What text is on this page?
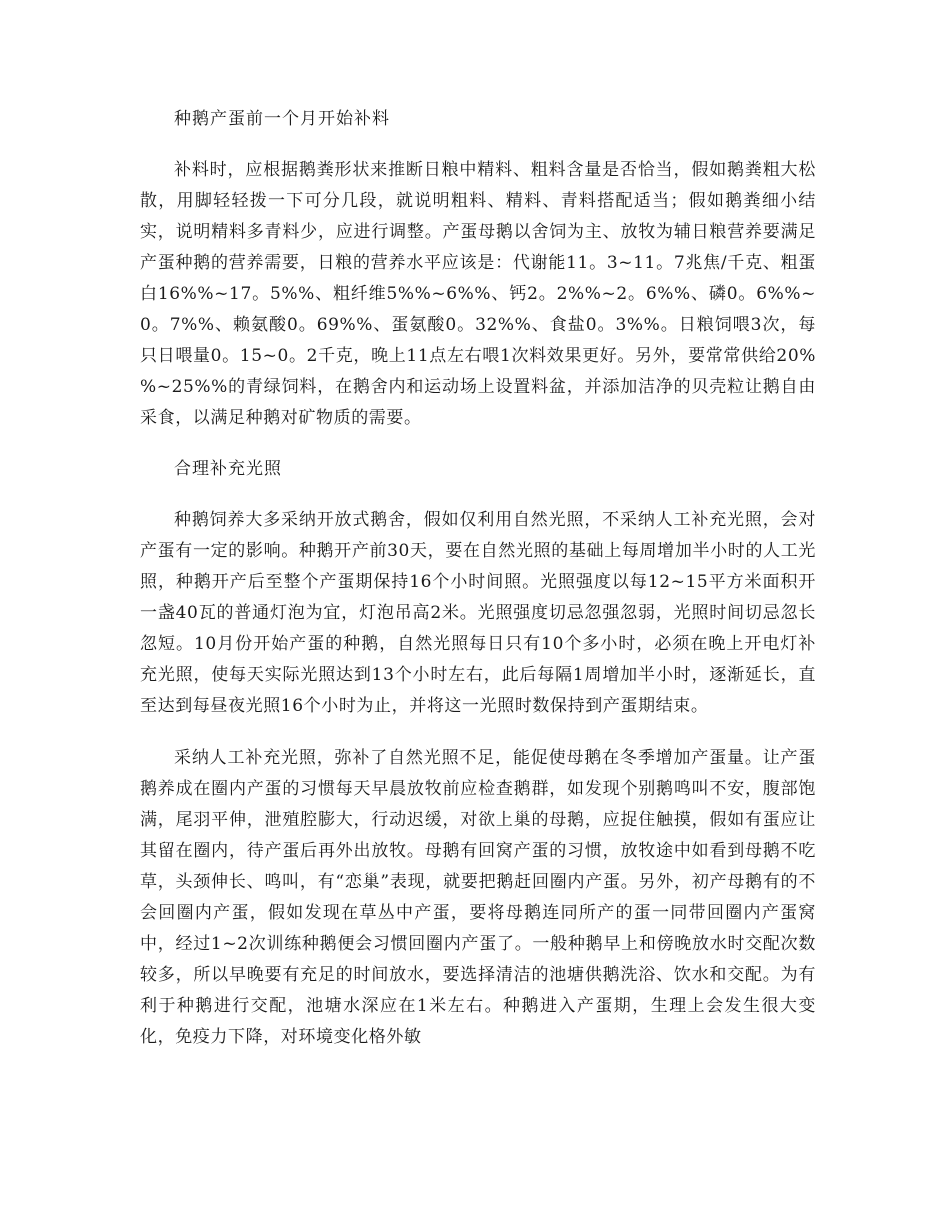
种鹅产蛋前一个月开始补料

补料时，应根据鹅粪形状来推断日粮中精料、粗料含量是否恰当，假如鹅粪粗大松散，用脚轻轻拨一下可分几段，就说明粗料、精料、青料搭配适当；假如鹅粪细小结实，说明精料多青料少，应进行调整。产蛋母鹅以舍饲为主、放牧为辅日粮营养要满足产蛋种鹅的营养需要，日粮的营养水平应该是：代谢能11。3~11。7兆焦/千克、粗蛋白16%%~17。5%%、粗纤维5%%~6%%、钙2。2%%~2。6%%、磷0。6%%~0。7%%、赖氨酸0。69%%、蛋氨酸0。32%%、食盐0。3%%。日粮饲喂3次，每只日喂量0。15~0。2千克，晚上11点左右喂1次料效果更好。另外，要常常供给20%%~25%%的青绿饲料，在鹅舍内和运动场上设置料盆，并添加洁净的贝壳粒让鹅自由采食，以满足种鹅对矿物质的需要。

合理补充光照

种鹅饲养大多采纳开放式鹅舍，假如仅利用自然光照，不采纳人工补充光照，会对产蛋有一定的影响。种鹅开产前30天，要在自然光照的基础上每周增加半小时的人工光照，种鹅开产后至整个产蛋期保持16个小时间照。光照强度以每12~15平方米面积开一盏40瓦的普通灯泡为宜，灯泡吊高2米。光照强度切忌忽强忽弱，光照时间切忌忽长忽短。10月份开始产蛋的种鹅，自然光照每日只有10个多小时，必须在晚上开电灯补充光照，使每天实际光照达到13个小时左右，此后每隔1周增加半小时，逐渐延长，直至达到每昼夜光照16个小时为止，并将这一光照时数保持到产蛋期结束。

采纳人工补充光照，弥补了自然光照不足，能促使母鹅在冬季增加产蛋量。让产蛋鹅养成在圈内产蛋的习惯每天早晨放牧前应检查鹅群，如发现个别鹅鸣叫不安，腹部饱满，尾羽平伸，泄殖腔膨大，行动迟缓，对欲上巢的母鹅，应捉住触摸，假如有蛋应让其留在圈内，待产蛋后再外出放牧。母鹅有回窝产蛋的习惯，放牧途中如看到母鹅不吃草，头颈伸长、鸣叫，有“恋巢”表现，就要把鹅赶回圈内产蛋。另外，初产母鹅有的不会回圈内产蛋，假如发现在草丛中产蛋，要将母鹅连同所产的蛋一同带回圈内产蛋窝中，经过1~2次训练种鹅便会习惯回圈内产蛋了。一般种鹅早上和傍晚放水时交配次数较多，所以早晚要有充足的时间放水，要选择清洁的池塘供鹅洗浴、饮水和交配。为有利于种鹅进行交配，池塘水深应在1米左右。种鹅进入产蛋期，生理上会发生很大变化，免疫力下降，对环境变化格外敏
